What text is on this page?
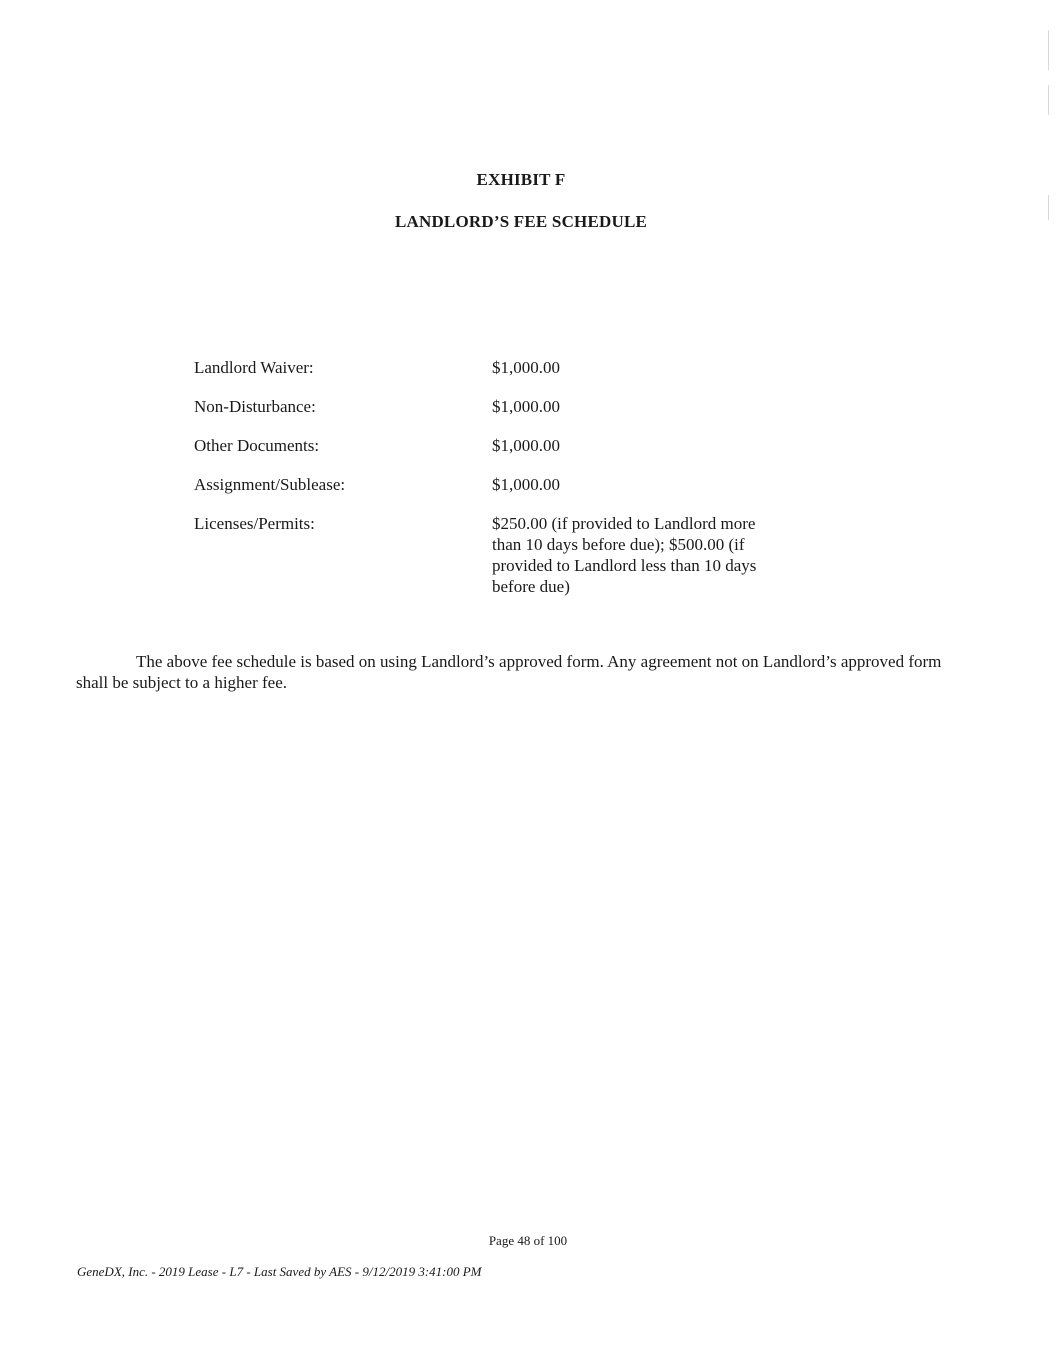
EXHIBIT F
LANDLORD’S FEE SCHEDULE
Landlord Waiver:	$1,000.00
Non-Disturbance:	$1,000.00
Other Documents:	$1,000.00
Assignment/Sublease:	$1,000.00
Licenses/Permits:	$250.00 (if provided to Landlord more than 10 days before due); $500.00 (if provided to Landlord less than 10 days before due)
The above fee schedule is based on using Landlord’s approved form. Any agreement not on Landlord’s approved form shall be subject to a higher fee.
Page 48 of 100
GeneDX, Inc. - 2019 Lease - L7 - Last Saved by AES - 9/12/2019 3:41:00 PM
